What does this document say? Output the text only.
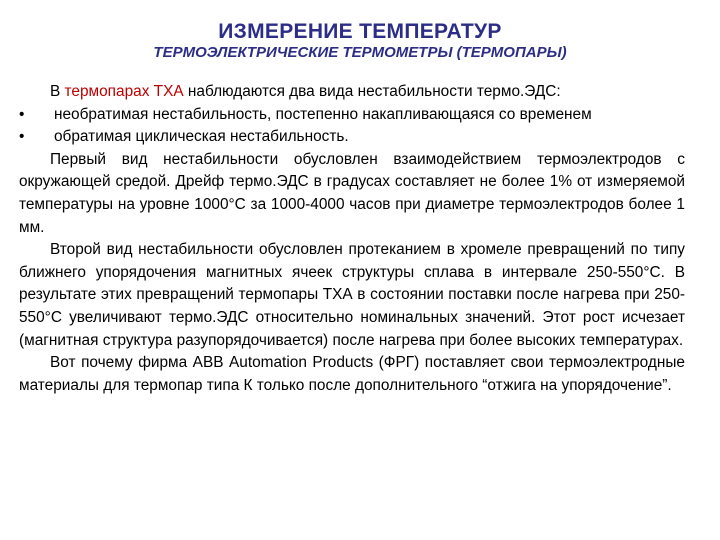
ИЗМЕРЕНИЕ ТЕМПЕРАТУР
ТЕРМОЭЛЕКТРИЧЕСКИЕ ТЕРМОМЕТРЫ (ТЕРМОПАРЫ)
В термопарах ТХА наблюдаются два вида нестабильности термо.ЭДС:
•	необратимая нестабильность, постепенно накапливающаяся со временем
•	обратимая циклическая нестабильность.

Первый вид нестабильности обусловлен взаимодействием термоэлектродов с окружающей средой. Дрейф термо.ЭДС в градусах составляет не более 1% от измеряемой температуры на уровне 1000°С за 1000-4000 часов при диаметре термоэлектродов более 1 мм.

Второй вид нестабильности обусловлен протеканием в хромеле превращений по типу ближнего упорядочения магнитных ячеек структуры сплава в интервале 250-550°С. В результате этих превращений термопары ТХА в состоянии поставки после нагрева при 250-550°С увеличивают термо.ЭДС относительно номинальных значений. Этот рост исчезает (магнитная структура разупорядочивается) после нагрева при более высоких температурах.

Вот почему фирма АВВ Automation Products (ФРГ) поставляет свои термоэлектродные материалы для термопар типа К только после дополнительного “отжига на упорядочение”.
